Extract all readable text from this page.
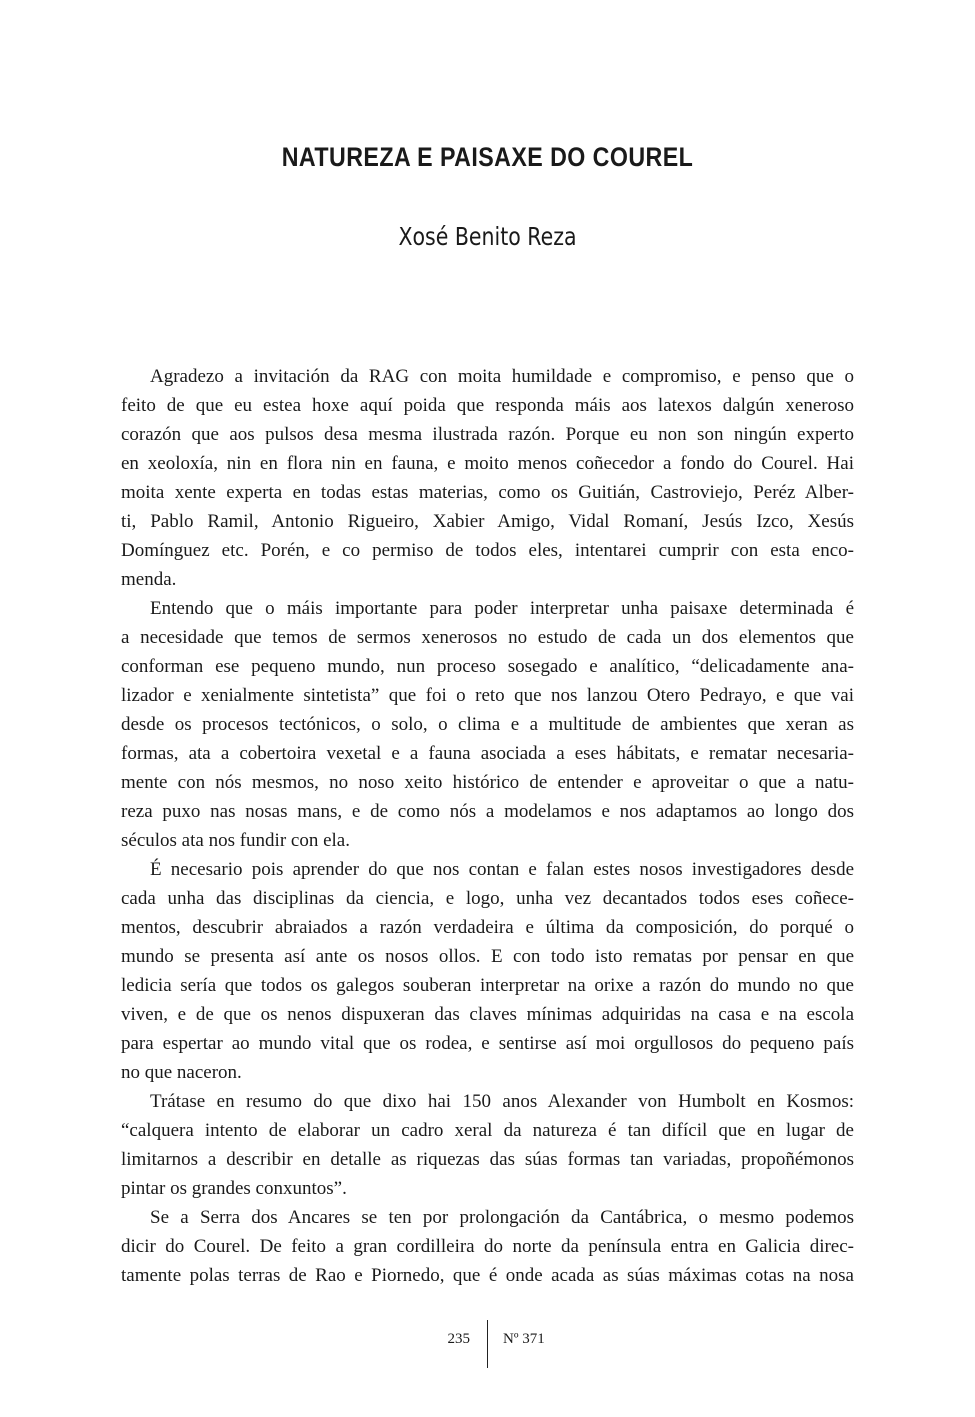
NATUREZA E PAISAXE DO COUREL
Xosé Benito Reza
Agradezo a invitación da RAG con moita humildade e compromiso, e penso que o
feito de que eu estea hoxe aquí poida que responda máis aos latexos dalgún xeneroso
corazón que aos pulsos desa mesma ilustrada razón. Porque eu non son ningún experto
en xeoloxía, nin en flora nin en fauna, e moito menos coñecedor a fondo do Courel. Hai
moita xente experta en todas estas materias, como os Guitián, Castroviejo, Peréz Alber-
ti, Pablo Ramil, Antonio Rigueiro, Xabier Amigo, Vidal Romaní, Jesús Izco, Xesús
Domínguez etc. Porén, e co permiso de todos eles, intentarei cumprir con esta enco-
menda.
Entendo que o máis importante para poder interpretar unha paisaxe determinada é
a necesidade que temos de sermos xenerosos no estudo de cada un dos elementos que
conforman ese pequeno mundo, nun proceso sosegado e analítico, “delicadamente ana-
lizador e xenialmente sintetista” que foi o reto que nos lanzou Otero Pedrayo, e que vai
desde os procesos tectónicos, o solo, o clima e a multitude de ambientes que xeran as
formas, ata a cobertoira vexetal e a fauna asociada a eses hábitats, e rematar necesaria-
mente con nós mesmos, no noso xeito histórico de entender e aproveitar o que a natu-
reza puxo nas nosas mans, e de como nós a modelamos e nos adaptamos ao longo dos
séculos ata nos fundir con ela.
É necesario pois aprender do que nos contan e falan estes nosos investigadores desde
cada unha das disciplinas da ciencia, e logo, unha vez decantados todos eses coñece-
mentos, descubrir abraiados a razón verdadeira e última da composición, do porqué o
mundo se presenta así ante os nosos ollos. E con todo isto rematas por pensar en que
ledicia sería que todos os galegos souberan interpretar na orixe a razón do mundo no que
viven, e de que os nenos dispuxeran das claves mínimas adquiridas na casa e na escola
para espertar ao mundo vital que os rodea, e sentirse así moi orgullosos do pequeno país
no que naceron.
Trátase en resumo do que dixo hai 150 anos Alexander von Humbolt en Kosmos:
“calquera intento de elaborar un cadro xeral da natureza é tan difícil que en lugar de
limitarnos a describir en detalle as riquezas das súas formas tan variadas, propoñémonos
pintar os grandes conxuntos”.
Se a Serra dos Ancares se ten por prolongación da Cantábrica, o mesmo podemos
dicir do Courel. De feito a gran cordilleira do norte da península entra en Galicia direc-
tamente polas terras de Rao e Piornedo, que é onde acada as súas máximas cotas na nosa
235 Nº 371
